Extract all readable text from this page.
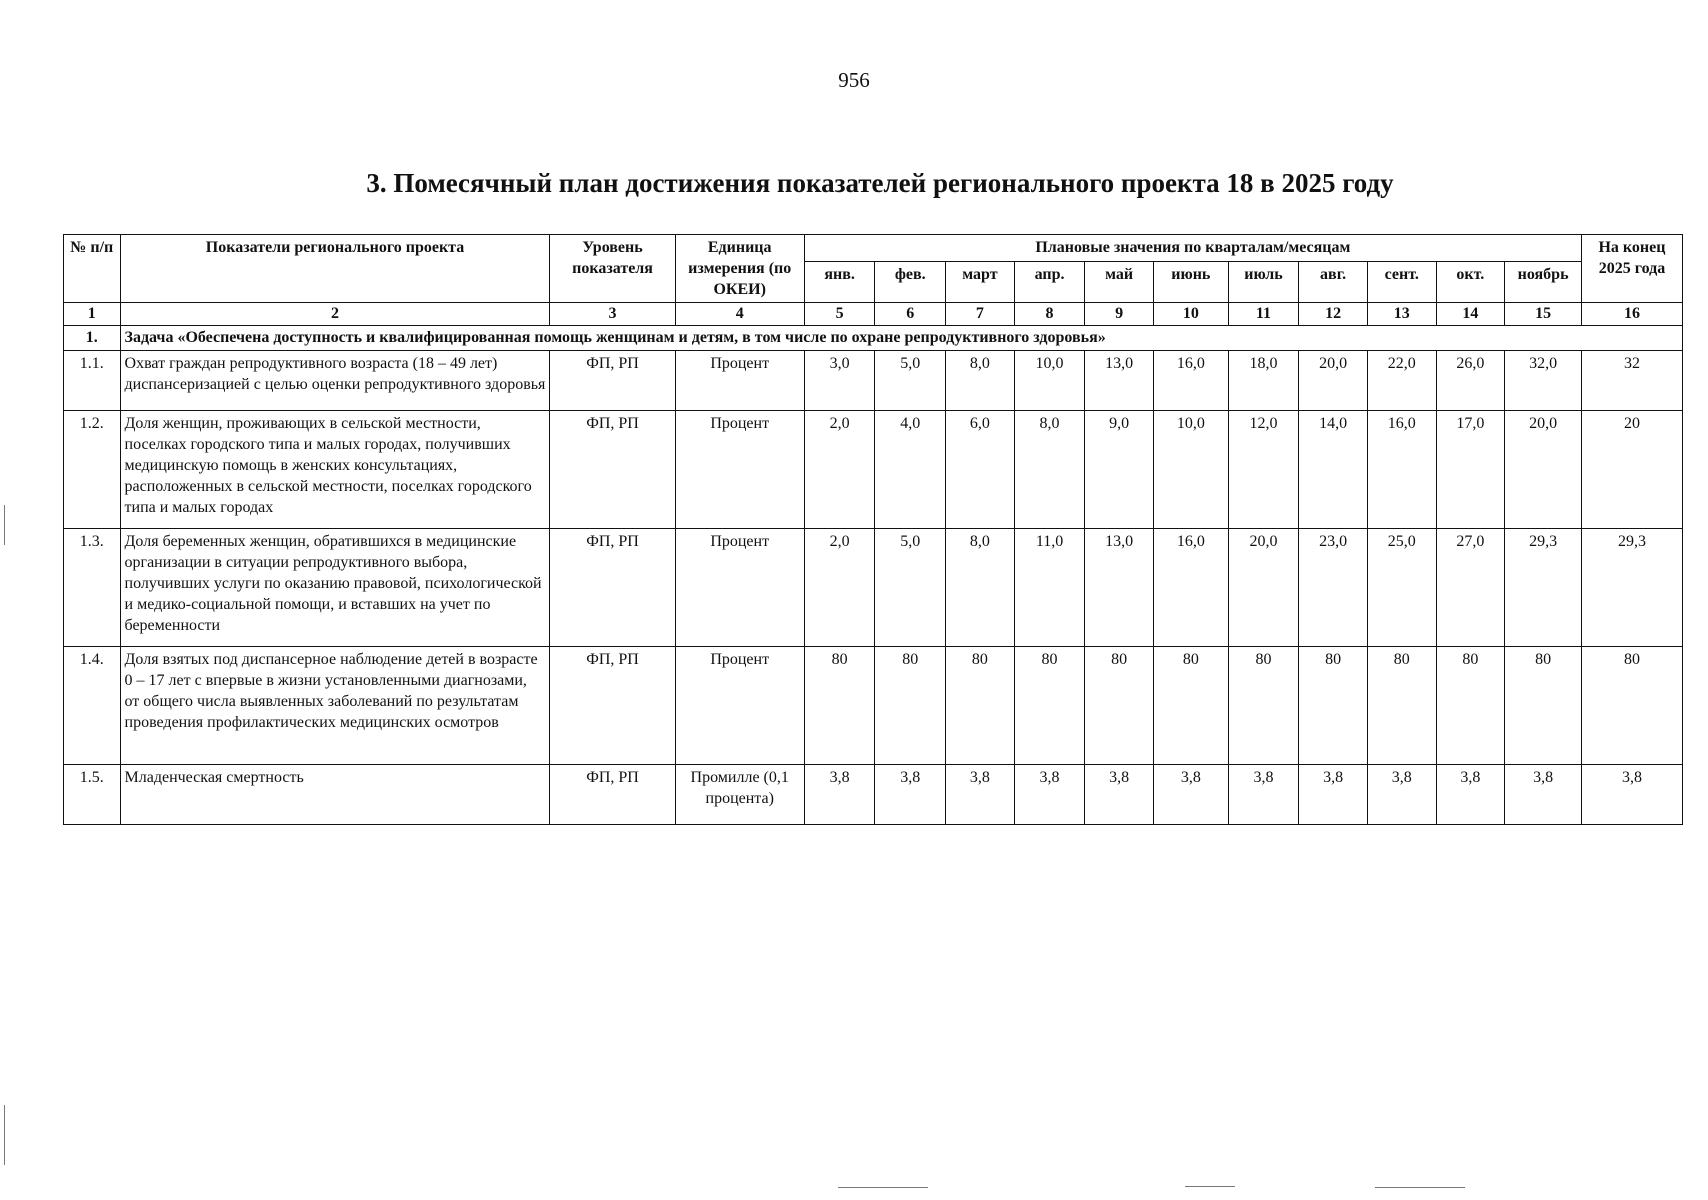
956
3. Помесячный план достижения показателей регионального проекта 18 в 2025 году
№ п/п	Показатели регионального проекта	Уровень показателя	Единица измерения (по ОКЕИ)	Плановые значения по кварталам/месяцам											На конец 2025 года
				янв.	фев.	март	апр.	май	июнь	июль	авг.	сент.	окт.	ноябрь	
1	2	3	4	5	6	7	8	9	10	11	12	13	14	15	16
1.	Задача «Обеспечена доступность и квалифицированная помощь женщинам и детям, в том числе по охране репродуктивного здоровья»														
1.1.	Охват граждан репродуктивного возраста (18 – 49 лет) диспансеризацией с целью оценки репродуктивного здоровья	ФП, РП	Процент	3,0	5,0	8,0	10,0	13,0	16,0	18,0	20,0	22,0	26,0	32,0	32
1.2.	Доля женщин, проживающих в сельской местности, поселках городского типа и малых городах, получивших медицинскую помощь в женских консультациях, расположенных в сельской местности, поселках городского типа и малых городах	ФП, РП	Процент	2,0	4,0	6,0	8,0	9,0	10,0	12,0	14,0	16,0	17,0	20,0	20
1.3.	Доля беременных женщин, обратившихся в медицинские организации в ситуации репродуктивного выбора, получивших услуги по оказанию правовой, психологической и медико-социальной помощи, и вставших на учет по беременности	ФП, РП	Процент	2,0	5,0	8,0	11,0	13,0	16,0	20,0	23,0	25,0	27,0	29,3	29,3
1.4.	Доля взятых под диспансерное наблюдение детей в возрасте 0 – 17 лет с впервые в жизни установленными диагнозами, от общего числа выявленных заболеваний по результатам проведения профилактических медицинских осмотров	ФП, РП	Процент	80	80	80	80	80	80	80	80	80	80	80	80
1.5.	Младенческая смертность	ФП, РП	Промилле (0,1 процента)	3,8	3,8	3,8	3,8	3,8	3,8	3,8	3,8	3,8	3,8	3,8	3,8
